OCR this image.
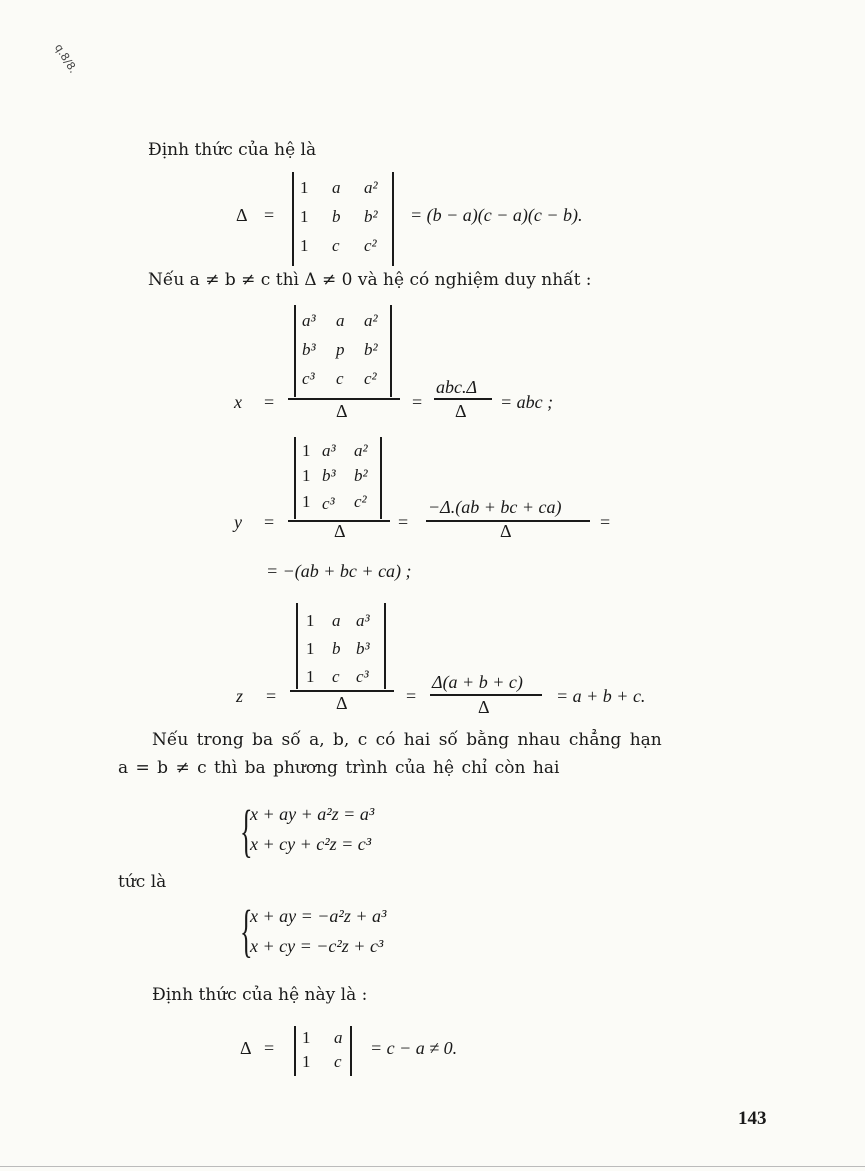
q.8/8.
Định thức của hệ là
Δ =
1 a a²
1 b b²
1 c c²
= (b − a)(c − a)(c − b).
Nếu a ≠ b ≠ c thì Δ ≠ 0 và hệ có nghiệm duy nhất :
a³ a a²
b³ p b²
c³ c c²
Δ
x =	=
abc.Δ
Δ = abc ;
1 a³ a²
1 b³ b²
1 c³ c²
Δ
y =	=
−Δ.(ab + bc + ca)
Δ	=
= −(ab + bc + ca) ;
1 a a³
1 b b³
1 c c³
Δ
z =	=
Δ(a + b + c)
Δ
= a + b + c.
Nếu trong ba số a, b, c có hai số bằng nhau chẳng hạn
a = b ≠ c thì ba phương trình của hệ chỉ còn hai
{
x + ay + a²z = a³
x + cy + c²z = c³
tức là
{
x + ay = −a²z + a³
x + cy = −c²z + c³
Định thức của hệ này là :
Δ =
1 a
1 c
= c − a ≠ 0.
143
